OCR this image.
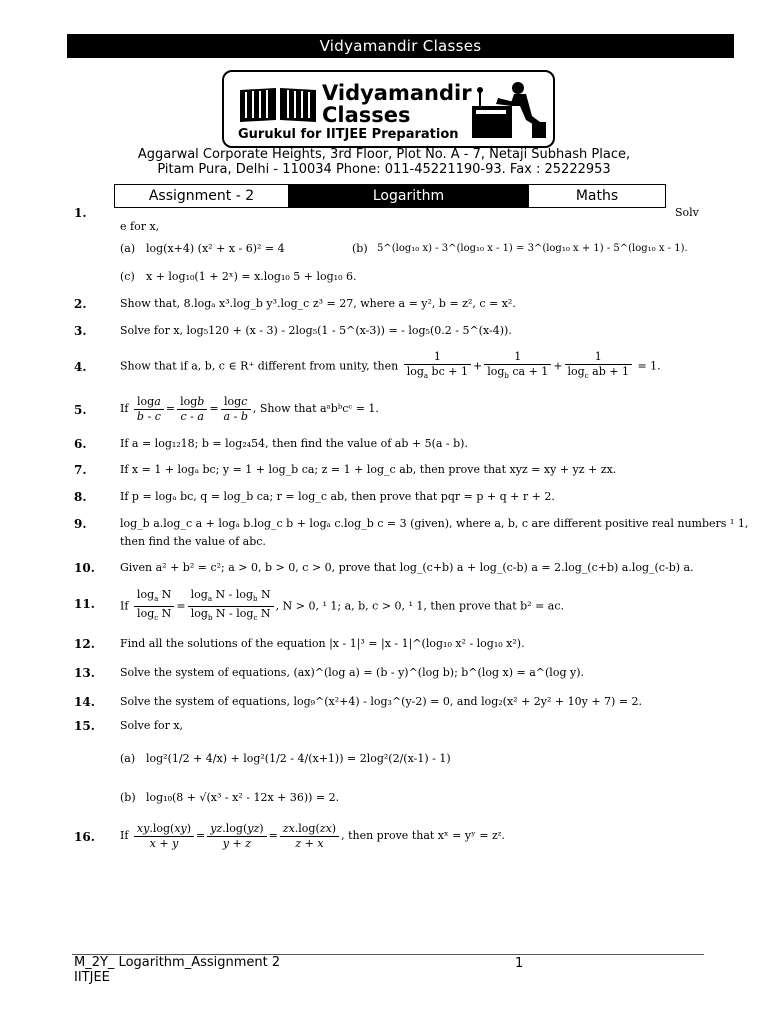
Vidyamandir Classes
Vidyamandir
Classes
Gurukul for IITJEE Preparation
Aggarwal Corporate Heights, 3rd Floor, Plot No. A - 7, Netaji Subhash Place,
Pitam Pura, Delhi - 110034 Phone: 011-45221190-93. Fax : 25222953
Assignment - 2	Logarithm	Maths
1.	Solv
e for x,
(a) log(x+4) (x² + x - 6)² = 4	(b) 5^(log₁₀ x) - 3^(log₁₀ x - 1) = 3^(log₁₀ x + 1) - 5^(log₁₀ x - 1).
(c) x + log₁₀(1 + 2ˣ) = x.log₁₀ 5 + log₁₀ 6.
2.	Show that, 8.logₐ x³.log_b y³.log_c z³ = 27, where a = y², b = z², c = x².
3.	Solve for x, log₅120 + (x - 3) - 2log₅(1 - 5^(x-3)) = - log₅(0.2 - 5^(x-4)).
4.	Show that if a, b, c ∈ R⁺ different from unity, then $\frac{1}{\log_a bc + 1} + \frac{1}{\log_b ca + 1} + \frac{1}{\log_c ab + 1} = 1$.
5.	If $\frac{\log a}{b - c} = \frac{\log b}{c - a} = \frac{\log c}{a - b}$ , Show that aᵃbᵇcᶜ = 1.
6.	If a = log₁₂18; b = log₂₄54, then find the value of ab + 5(a - b).
7.	If x = 1 + logₐ bc; y = 1 + log_b ca; z = 1 + log_c ab, then prove that xyz = xy + yz + zx.
8.	If p = logₐ bc, q = log_b ca; r = log_c ab, then prove that pqr = p + q + r + 2.
9.	log_b a.log_c a + logₐ b.log_c b + logₐ c.log_b c = 3 (given), where a, b, c are different positive real numbers ¹ 1,
then find the value of abc.
10. Given a² + b² = c²; a > 0, b > 0, c > 0, prove that log_(c+b) a + log_(c-b) a = 2.log_(c+b) a.log_(c-b) a.
11. If $\frac{\log_a N}{\log_c N} = \frac{\log_a N - \log_b N}{\log_b N - \log_c N}$ , N > 0, ¹ 1; a, b, c > 0, ¹ 1, then prove that b² = ac.
12. Find all the solutions of the equation |x - 1|³ = |x - 1|^(log₁₀ x² - log₁₀ x²).
13. Solve the system of equations, (ax)^(log a) = (b - y)^(log b); b^(log x) = a^(log y).
14. Solve the system of equations, log₉^(x²+4) - log₃^(y-2) = 0, and log₂(x² + 2y² + 10y + 7) = 2.
15. Solve for x,
(a) log²(1/2 + 4/x) + log²(1/2 - 4/(x+1)) = 2log²(2/(x-1) - 1)
(b) log₁₀(8 + √(x³ - x² - 12x + 36)) = 2.
16. If $\frac{xy.\log(xy)}{x + y} = \frac{yz.\log(yz)}{y + z} = \frac{zx.\log(zx)}{z + x}$ , then prove that xˣ = yʸ = zᶻ.
M_2Y_ Logarithm_Assignment 2	1
IITJEE
